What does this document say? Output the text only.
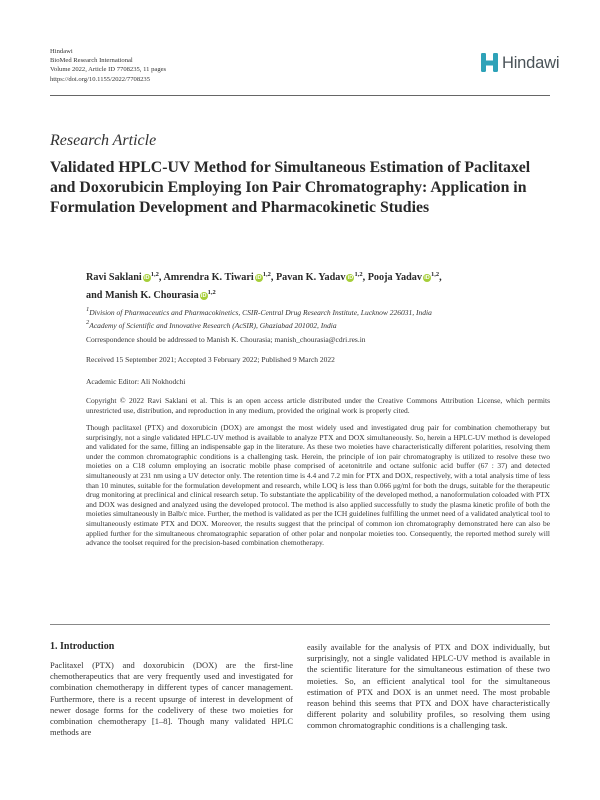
Hindawi
BioMed Research International
Volume 2022, Article ID 7708235, 11 pages
https://doi.org/10.1155/2022/7708235
Hindawi
Research Article
Validated HPLC-UV Method for Simultaneous Estimation of Paclitaxel and Doxorubicin Employing Ion Pair Chromatography: Application in Formulation Development and Pharmacokinetic Studies
Ravi Saklani iD$^{1,2}$, Amrendra K. Tiwari iD$^{1,2}$, Pavan K. Yadav iD$^{1,2}$, Pooja Yadav iD$^{1,2}$,
and Manish K. Chourasia iD$^{1,2}$
$^1$Division of Pharmaceutics and Pharmacokinetics, CSIR-Central Drug Research Institute, Lucknow 226031, India
$^2$Academy of Scientific and Innovative Research (AcSIR), Ghaziabad 201002, India
Correspondence should be addressed to Manish K. Chourasia; manish_chourasia@cdri.res.in
Received 15 September 2021; Accepted 3 February 2022; Published 9 March 2022
Academic Editor: Ali Nokhodchi
Copyright © 2022 Ravi Saklani et al. This is an open access article distributed under the Creative Commons Attribution License, which permits unrestricted use, distribution, and reproduction in any medium, provided the original work is properly cited.
Though paclitaxel (PTX) and doxorubicin (DOX) are amongst the most widely used and investigated drug pair for combination chemotherapy but surprisingly, not a single validated HPLC-UV method is available to analyze PTX and DOX simultaneously. So, herein a HPLC-UV method is developed and validated for the same, filling an indispensable gap in the literature. As these two moieties have characteristically different polarities, resolving them under the common chromatographic conditions is a challenging task. Herein, the principle of ion pair chromatography is utilized to resolve these two moieties on a C18 column employing an isocratic mobile phase comprised of acetonitrile and octane sulfonic acid buffer (67 : 37) and detected simultaneously at 231 nm using a UV detector only. The retention time is 4.4 and 7.2 min for PTX and DOX, respectively, with a total analysis time of less than 10 minutes, suitable for the formulation development and research, while LOQ is less than 0.066 μg/ml for both the drugs, suitable for the therapeutic drug monitoring at preclinical and clinical research setup. To substantiate the applicability of the developed method, a nanoformulation coloaded with PTX and DOX was designed and analyzed using the developed protocol. The method is also applied successfully to study the plasma kinetic profile of both the moieties simultaneously in Balb/c mice. Further, the method is validated as per the ICH guidelines fulfilling the unmet need of a validated analytical tool to simultaneously estimate PTX and DOX. Moreover, the results suggest that the principal of common ion chromatography demonstrated here can also be applied further for the simultaneous chromatographic separation of other polar and nonpolar moieties too. Consequently, the reported method surely will advance the toolset required for the precision-based combination chemotherapy.
1. Introduction
Paclitaxel (PTX) and doxorubicin (DOX) are the first-line chemotherapeutics that are very frequently used and investigated for combination chemotherapy in different types of cancer management. Furthermore, there is a recent upsurge of interest in development of newer dosage forms for the codelivery of these two moieties for combination chemotherapy [1–8]. Though many validated HPLC methods are
easily available for the analysis of PTX and DOX individually, but surprisingly, not a single validated HPLC-UV method is available in the scientific literature for the simultaneous estimation of these two moieties. So, an efficient analytical tool for the simultaneous estimation of PTX and DOX is an unmet need. The most probable reason behind this seems that PTX and DOX have characteristically different polarity and solubility profiles, so resolving them using common chromatographic conditions is a challenging task.
